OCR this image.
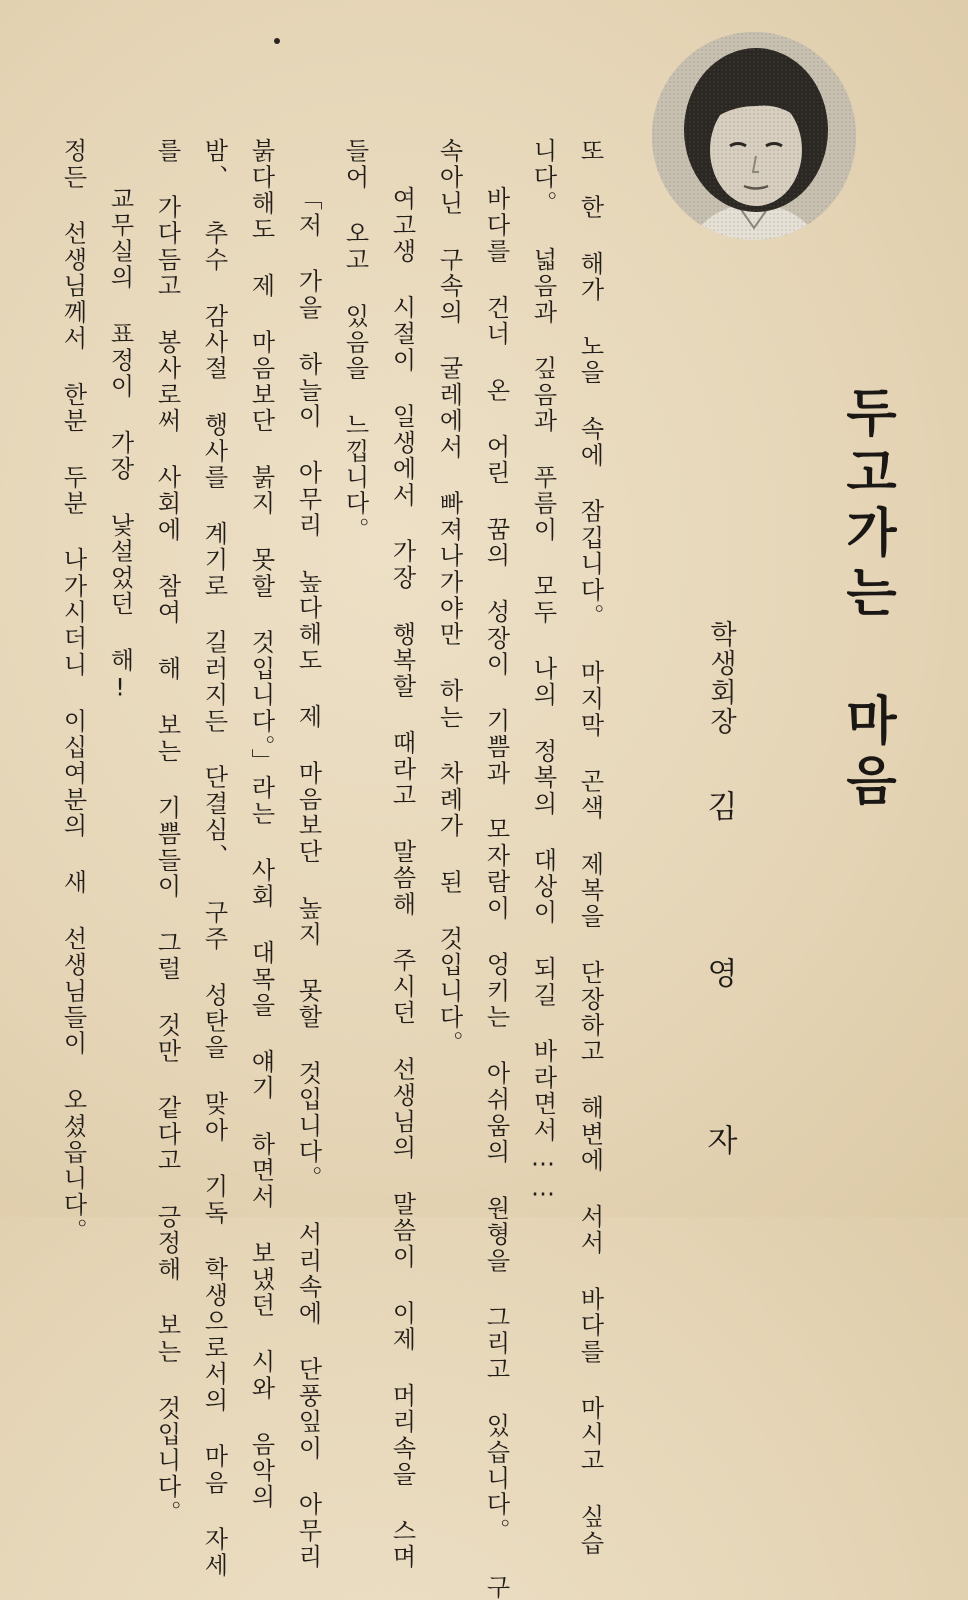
두고가는 마음
학생회장
김영자
또 한 해가 노을 속에 잠깁니다。 마지막 곤색 제복을 단장하고 해변에 서서 바다를 마시고 싶습
니다。 넓음과 깊음과 푸름이 모두 나의 정복의 대상이 되길 바라면서……
바다를 건너 온 어린 꿈의 성장이 기쁨과 모자람이 엉키는 아쉬움의 원형을 그리고 있습니다。 구
속아닌 구속의 굴레에서 빠져나가야만 하는 차례가 된 것입니다。
여고생 시절이 일생에서 가장 행복할 때라고 말씀해 주시던 선생님의 말씀이 이제 머리속을 스며
들어 오고 있음을 느낍니다。
「저 가을 하늘이 아무리 높다해도 제 마음보단 높지 못할 것입니다。 서리속에 단풍잎이 아무리
붉다해도 제 마음보단 붉지 못할 것입니다。」라는 사회 대목을 얘기 하면서 보냈던 시와 음악의
밤、 추수 감사절 행사를 계기로 길러지든 단결심、 구주 성탄을 맞아 기독 학생으로서의 마음 자세
를 가다듬고 봉사로써 사회에 참여 해 보는 기쁨들이 그럴 것만 같다고 긍정해 보는 것입니다。
교무실의 표정이 가장 낯설었던 해!
정든 선생님께서 한분 두분 나가시더니 이십여분의 새 선생님들이 오셨읍니다。
